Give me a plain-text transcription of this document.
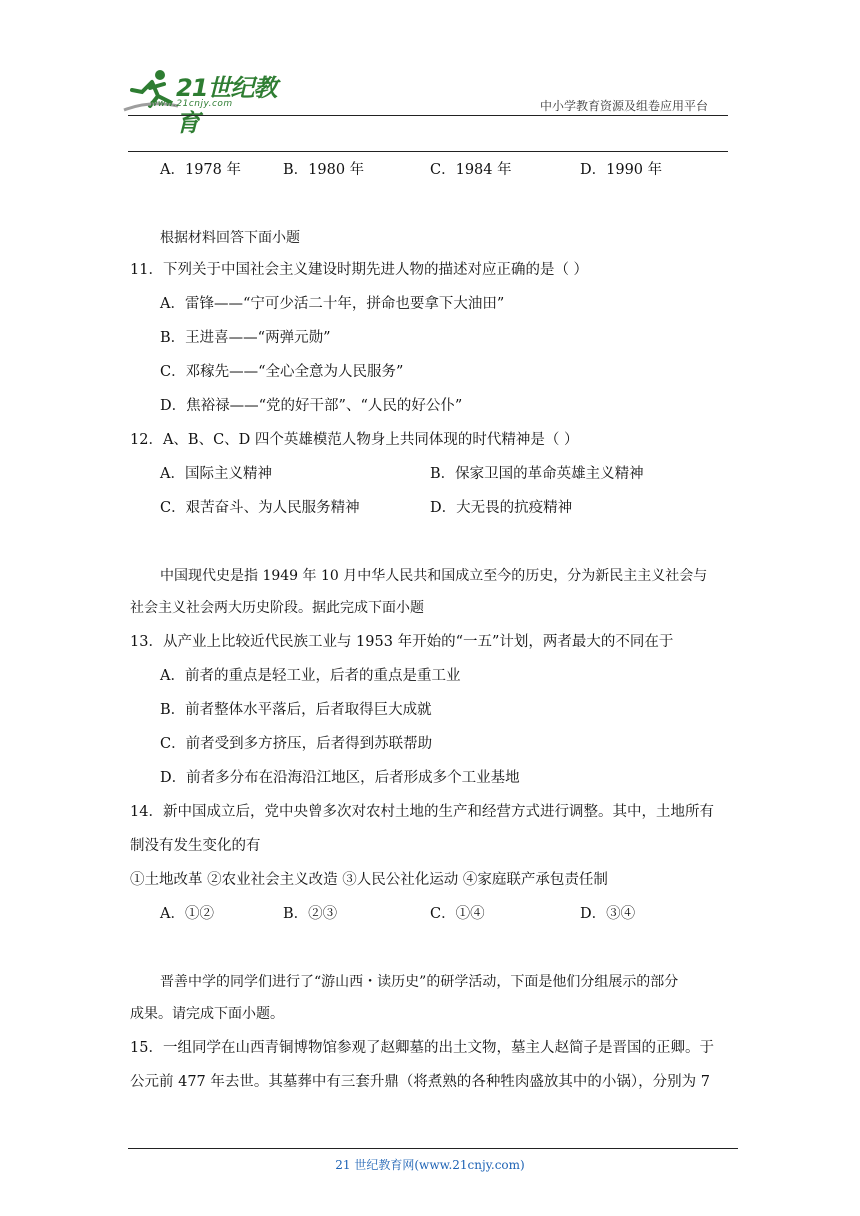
21世纪教育
www.21cnjy.com	中小学教育资源及组卷应用平台
A．1978 年	B．1980 年	C．1984 年	D．1990 年
根据材料回答下面小题
11．下列关于中国社会主义建设时期先进人物的描述对应正确的是（ ）
A．雷锋——“宁可少活二十年，拼命也要拿下大油田”
B．王进喜——“两弹元勋”
C．邓稼先——“全心全意为人民服务”
D．焦裕禄——“党的好干部”、“人民的好公仆”
12．A、B、C、D 四个英雄模范人物身上共同体现的时代精神是（ ）
A．国际主义精神	B．保家卫国的革命英雄主义精神
C．艰苦奋斗、为人民服务精神	D．大无畏的抗疫精神
中国现代史是指 1949 年 10 月中华人民共和国成立至今的历史，分为新民主主义社会与
社会主义社会两大历史阶段。据此完成下面小题
13．从产业上比较近代民族工业与 1953 年开始的“一五”计划，两者最大的不同在于
A．前者的重点是轻工业，后者的重点是重工业
B．前者整体水平落后，后者取得巨大成就
C．前者受到多方挤压，后者得到苏联帮助
D．前者多分布在沿海沿江地区，后者形成多个工业基地
14．新中国成立后，党中央曾多次对农村土地的生产和经营方式进行调整。其中，土地所有
制没有发生变化的有
①土地改革 ②农业社会主义改造 ③人民公社化运动 ④家庭联产承包责任制
A．①②	B．②③	C．①④	D．③④
晋善中学的同学们进行了“游山西・读历史”的研学活动，下面是他们分组展示的部分
成果。请完成下面小题。
15．一组同学在山西青铜博物馆参观了赵卿墓的出土文物，墓主人赵简子是晋国的正卿。于
公元前 477 年去世。其墓葬中有三套升鼎（将煮熟的各种牲肉盛放其中的小锅），分别为 7
21 世纪教育网(www.21cnjy.com)
